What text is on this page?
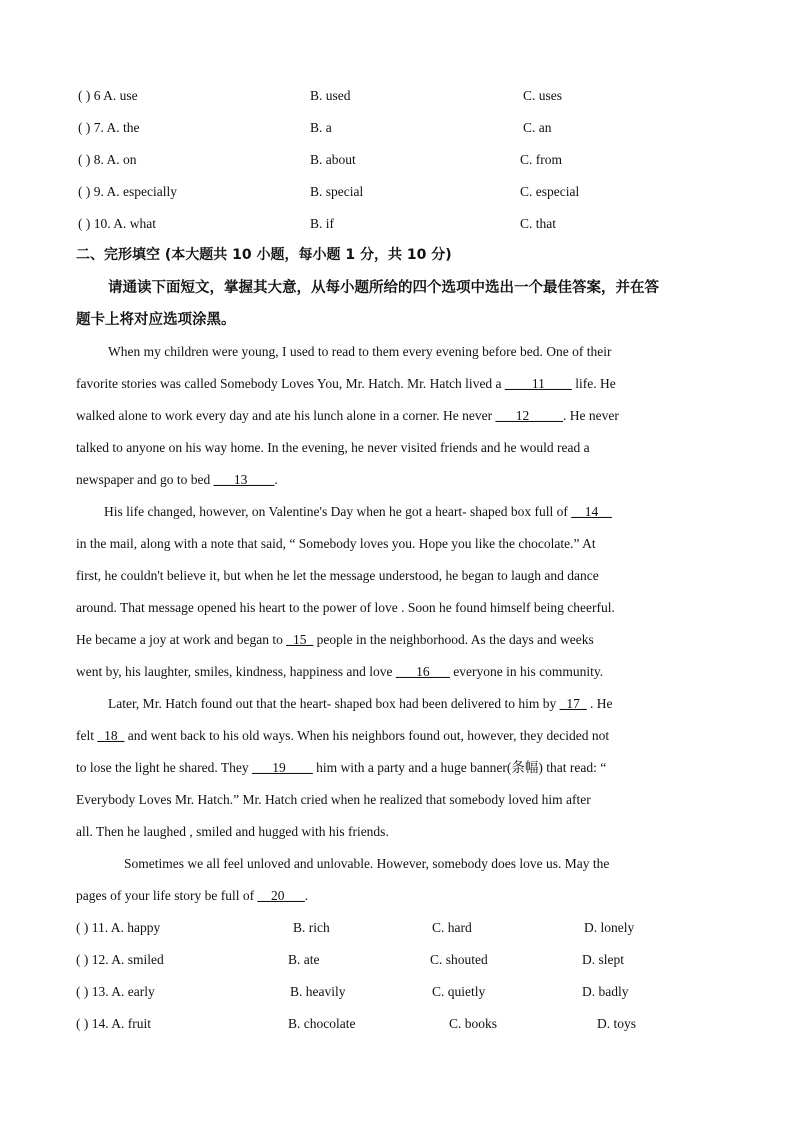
( ) 6 A. use	B. used	C. uses
( ) 7. A. the	B. a	C. an
( ) 8. A. on	B. about	C. from
( ) 9. A. especially	B. special	C. especial
( ) 10. A. what	B. if	C. that
二、完形填空 (本大题共 10 小题，每小题 1 分，共 10 分)
请通读下面短文，掌握其大意，从每小题所给的四个选项中选出一个最佳答案，并在答
题卡上将对应选项涂黑。
When my children were young, I used to read to them every evening before bed. One of their
favorite stories was called Somebody Loves You, Mr. Hatch. Mr. Hatch lived a ____11____ life. He
walked alone to work every day and ate his lunch alone in a corner. He never ___12_____. He never
talked to anyone on his way home. In the evening, he never visited friends and he would read a
newspaper and go to bed ___13____.
His life changed, however, on Valentine's Day when he got a heart- shaped box full of __14__
in the mail, along with a note that said, “ Somebody loves you. Hope you like the chocolate.” At
first, he couldn't believe it, but when he let the message understood, he began to laugh and dance
around. That message opened his heart to the power of love . Soon he found himself being cheerful.
He became a joy at work and began to _15_ people in the neighborhood. As the days and weeks
went by, his laughter, smiles, kindness, happiness and love ___16___ everyone in his community.
Later, Mr. Hatch found out that the heart- shaped box had been delivered to him by _17_ . He
felt _18_ and went back to his old ways. When his neighbors found out, however, they decided not
to lose the light he shared. They ___19____ him with a party and a huge banner(条幅) that read: “
Everybody Loves Mr. Hatch.” Mr. Hatch cried when he realized that somebody loved him after
all. Then he laughed , smiled and hugged with his friends.
Sometimes we all feel unloved and unlovable. However, somebody does love us. May the
pages of your life story be full of __20___.
( ) 11. A. happy	B. rich	C. hard	D. lonely
( ) 12. A. smiled	B. ate	C. shouted	D. slept
( ) 13. A. early	B. heavily	C. quietly	D. badly
( ) 14. A. fruit	B. chocolate	C. books	D. toys
